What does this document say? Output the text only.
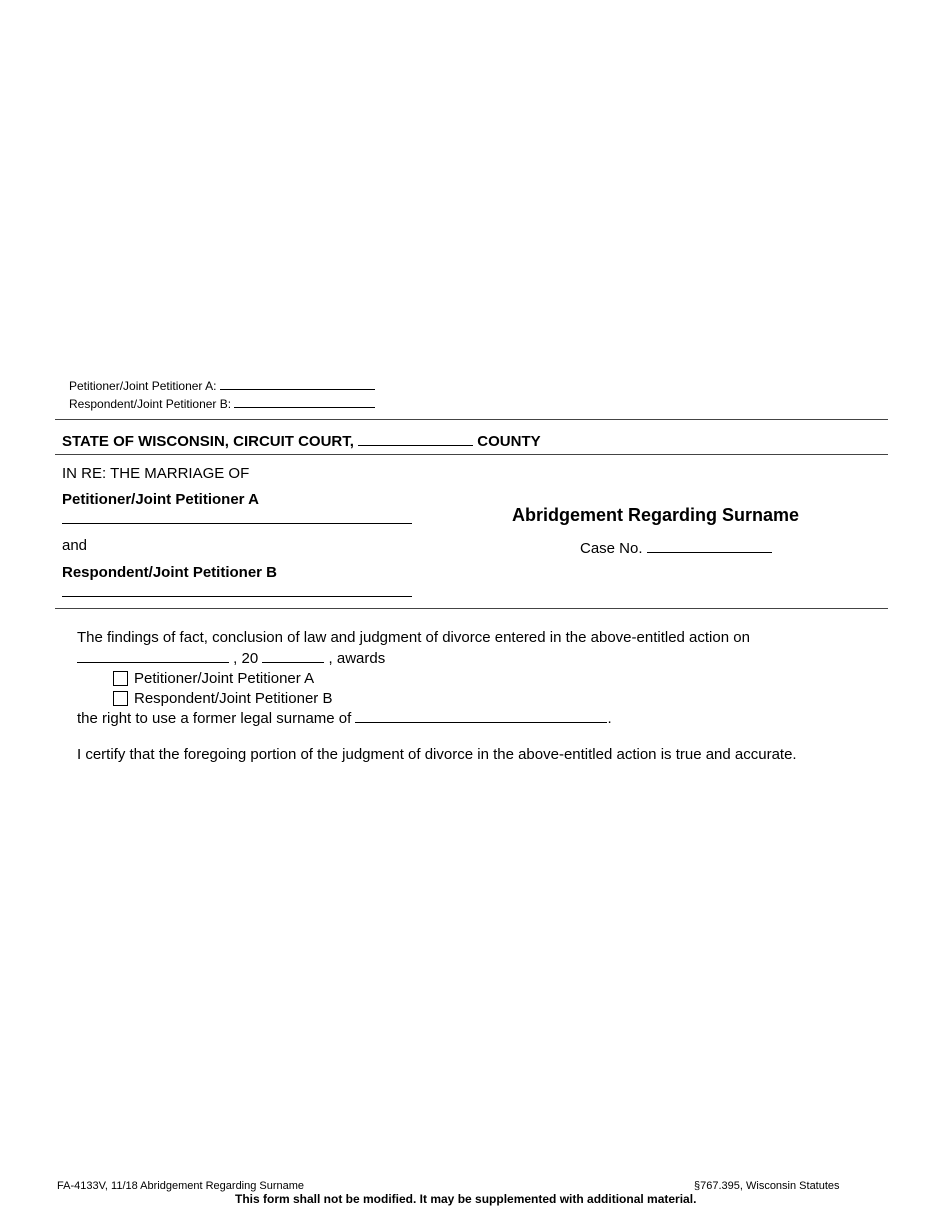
Petitioner/Joint Petitioner A:
Respondent/Joint Petitioner B:
STATE OF WISCONSIN, CIRCUIT COURT,	COUNTY
IN RE: THE MARRIAGE OF
Petitioner/Joint Petitioner A
and
Respondent/Joint Petitioner B
Abridgement Regarding Surname
Case No.
The findings of fact, conclusion of law and judgment of divorce entered in the above-entitled action on
, 20	, awards
Petitioner/Joint Petitioner A
Respondent/Joint Petitioner B
the right to use a former legal surname of	.
I certify that the foregoing portion of the judgment of divorce in the above-entitled action is true and accurate.
FA-4133V, 11/18 Abridgement Regarding Surname	§767.395, Wisconsin Statutes
This form shall not be modified. It may be supplemented with additional material.
